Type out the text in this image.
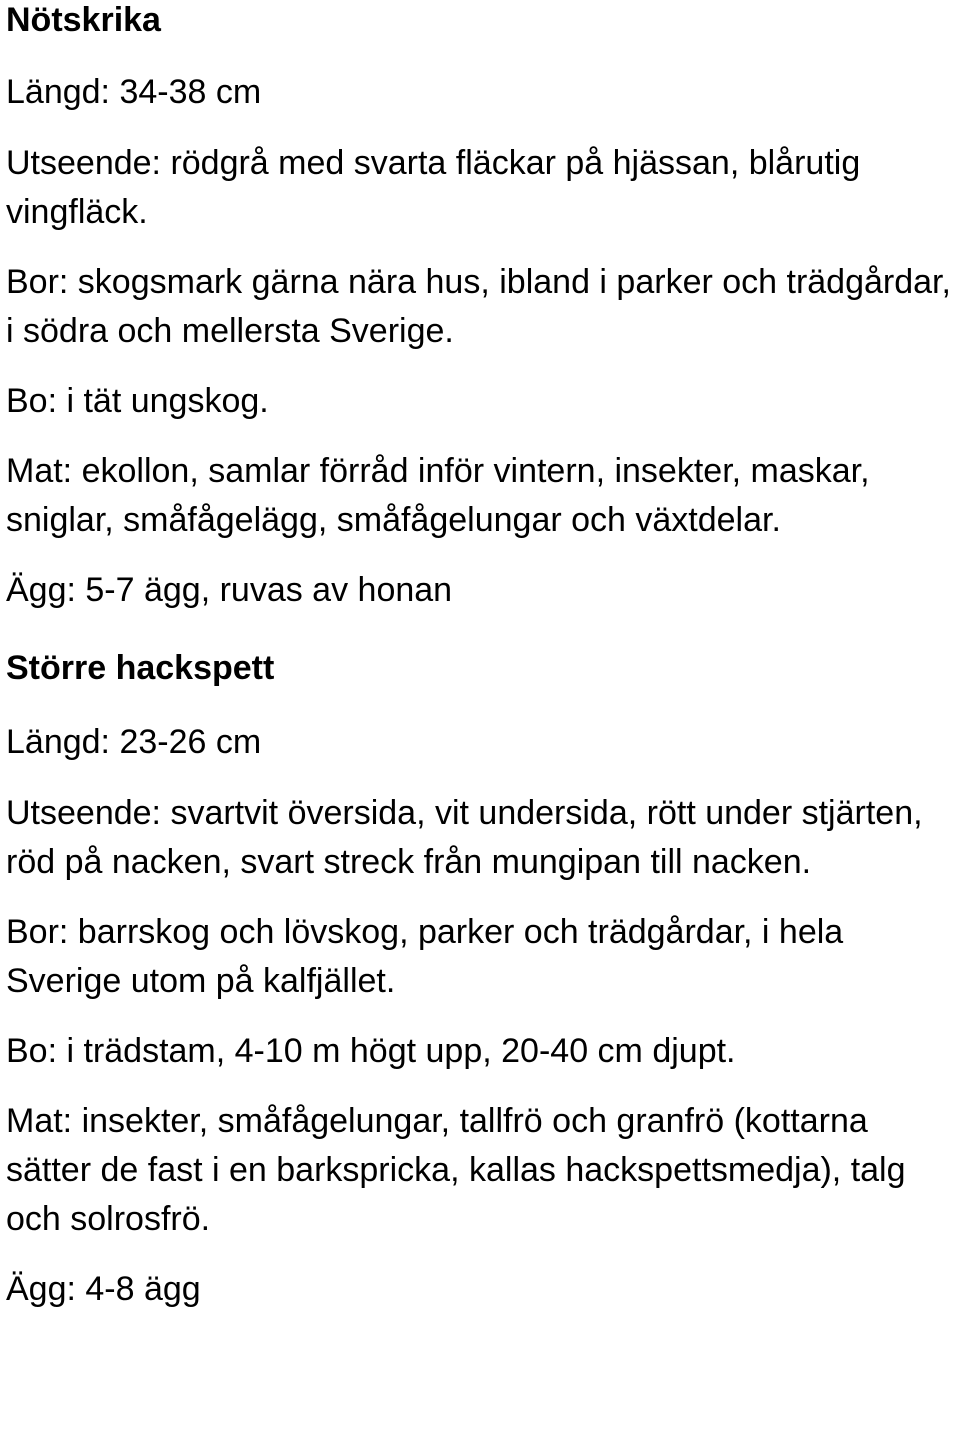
Nötskrika

Längd: 34-38 cm

Utseende: rödgrå med svarta fläckar på hjässan, blårutig vingfläck.

Bor: skogsmark gärna nära hus, ibland i parker och trädgårdar, i södra och mellersta Sverige.

Bo: i tät ungskog.

Mat: ekollon, samlar förråd inför vintern, insekter, maskar, sniglar, småfågelägg, småfågelungar och växtdelar.

Ägg: 5-7 ägg, ruvas av honan

Större hackspett

Längd: 23-26 cm

Utseende: svartvit översida, vit undersida, rött under stjärten, röd på nacken, svart streck från mungipan till nacken.

Bor: barrskog och lövskog, parker och trädgårdar, i hela Sverige utom på kalfjället.

Bo: i trädstam, 4-10 m högt upp, 20-40 cm djupt.

Mat: insekter, småfågelungar, tallfrö och granfrö (kottarna sätter de fast i en barkspricka, kallas hackspettsmedja), talg och solrosfrö.

Ägg: 4-8 ägg
